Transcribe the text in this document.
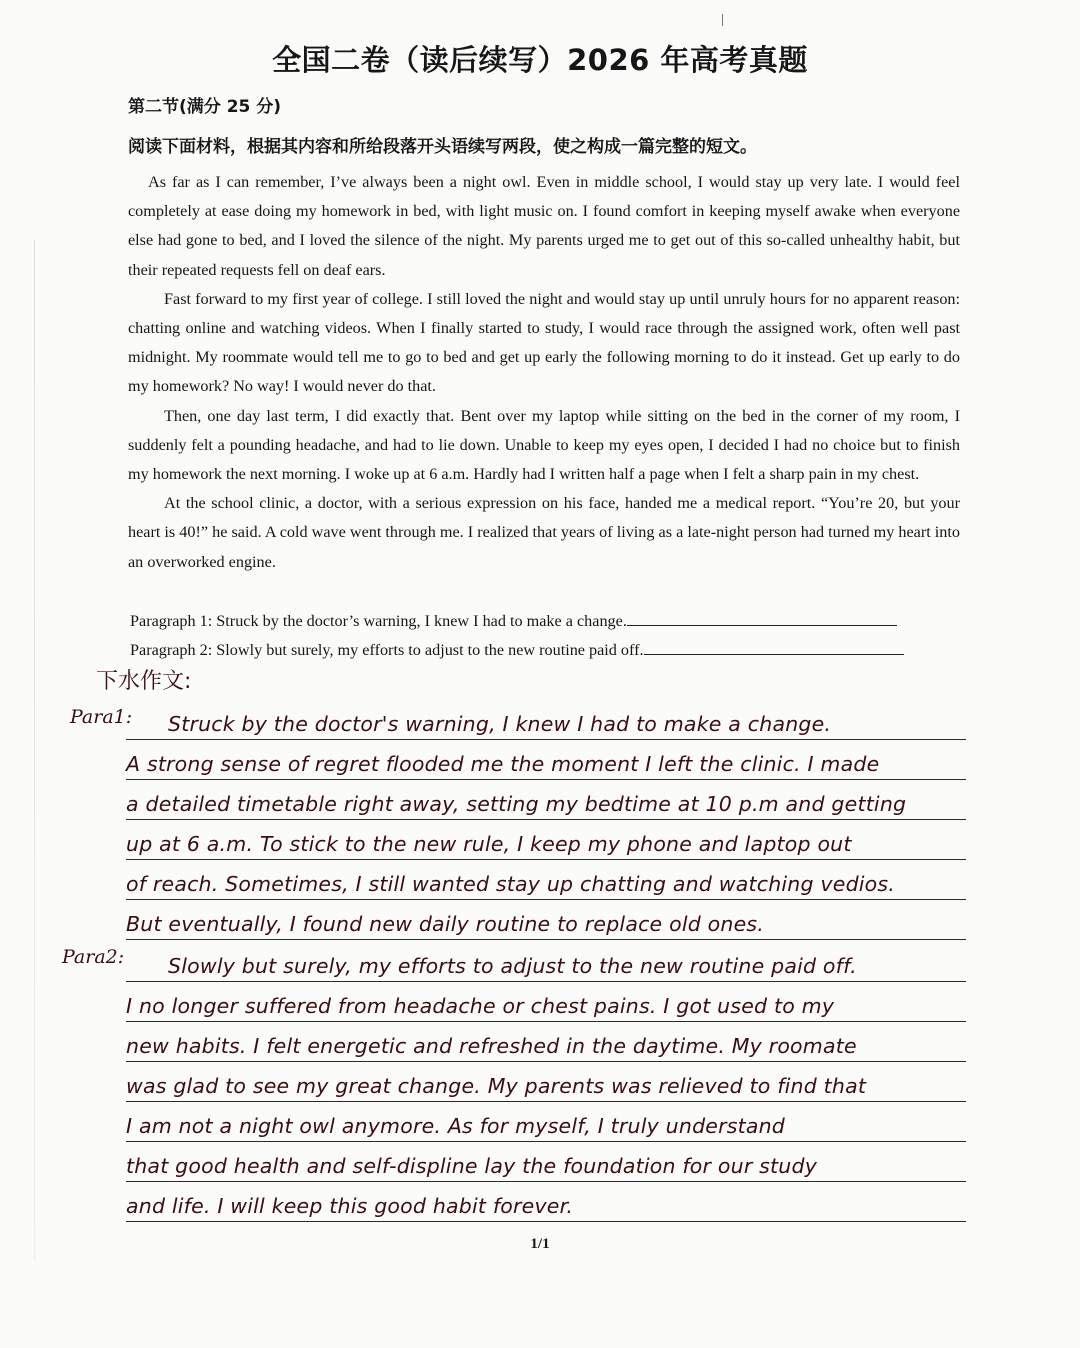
全国二卷（读后续写）2026 年高考真题
第二节(满分 25 分)
阅读下面材料，根据其内容和所给段落开头语续写两段，使之构成一篇完整的短文。

As far as I can remember, I’ve always been a night owl. Even in middle school, I would stay up very late. I would feel completely at ease doing my homework in bed, with light music on. I found comfort in keeping myself awake when everyone else had gone to bed, and I loved the silence of the night. My parents urged me to get out of this so-called unhealthy habit, but their repeated requests fell on deaf ears.

Fast forward to my first year of college. I still loved the night and would stay up until unruly hours for no apparent reason: chatting online and watching videos. When I finally started to study, I would race through the assigned work, often well past midnight. My roommate would tell me to go to bed and get up early the following morning to do it instead. Get up early to do my homework? No way! I would never do that.

Then, one day last term, I did exactly that. Bent over my laptop while sitting on the bed in the corner of my room, I suddenly felt a pounding headache, and had to lie down. Unable to keep my eyes open, I decided I had no choice but to finish my homework the next morning. I woke up at 6 a.m. Hardly had I written half a page when I felt a sharp pain in my chest.

At the school clinic, a doctor, with a serious expression on his face, handed me a medical report. “You’re 20, but your heart is 40!” he said. A cold wave went through me. I realized that years of living as a late-night person had turned my heart into an overworked engine.

Paragraph 1: Struck by the doctor’s warning, I knew I had to make a change.
Paragraph 2: Slowly but surely, my efforts to adjust to the new routine paid off.
下水作文:
Para1:
Para2:
Struck by the doctor's warning, I knew I had to make a change.
A strong sense of regret flooded me the moment I left the clinic. I made
a detailed timetable right away, setting my bedtime at 10 p.m and getting
up at 6 a.m. To stick to the new rule, I keep my phone and laptop out
of reach. Sometimes, I still wanted stay up chatting and watching vedios.
But eventually, I found new daily routine to replace old ones.
Slowly but surely, my efforts to adjust to the new routine paid off.
I no longer suffered from headache or chest pains. I got used to my
new habits. I felt energetic and refreshed in the daytime. My roomate
was glad to see my great change. My parents was relieved to find that
I am not a night owl anymore. As for myself, I truly understand
that good health and self-displine lay the foundation for our study
and life. I will keep this good habit forever.
1/1
